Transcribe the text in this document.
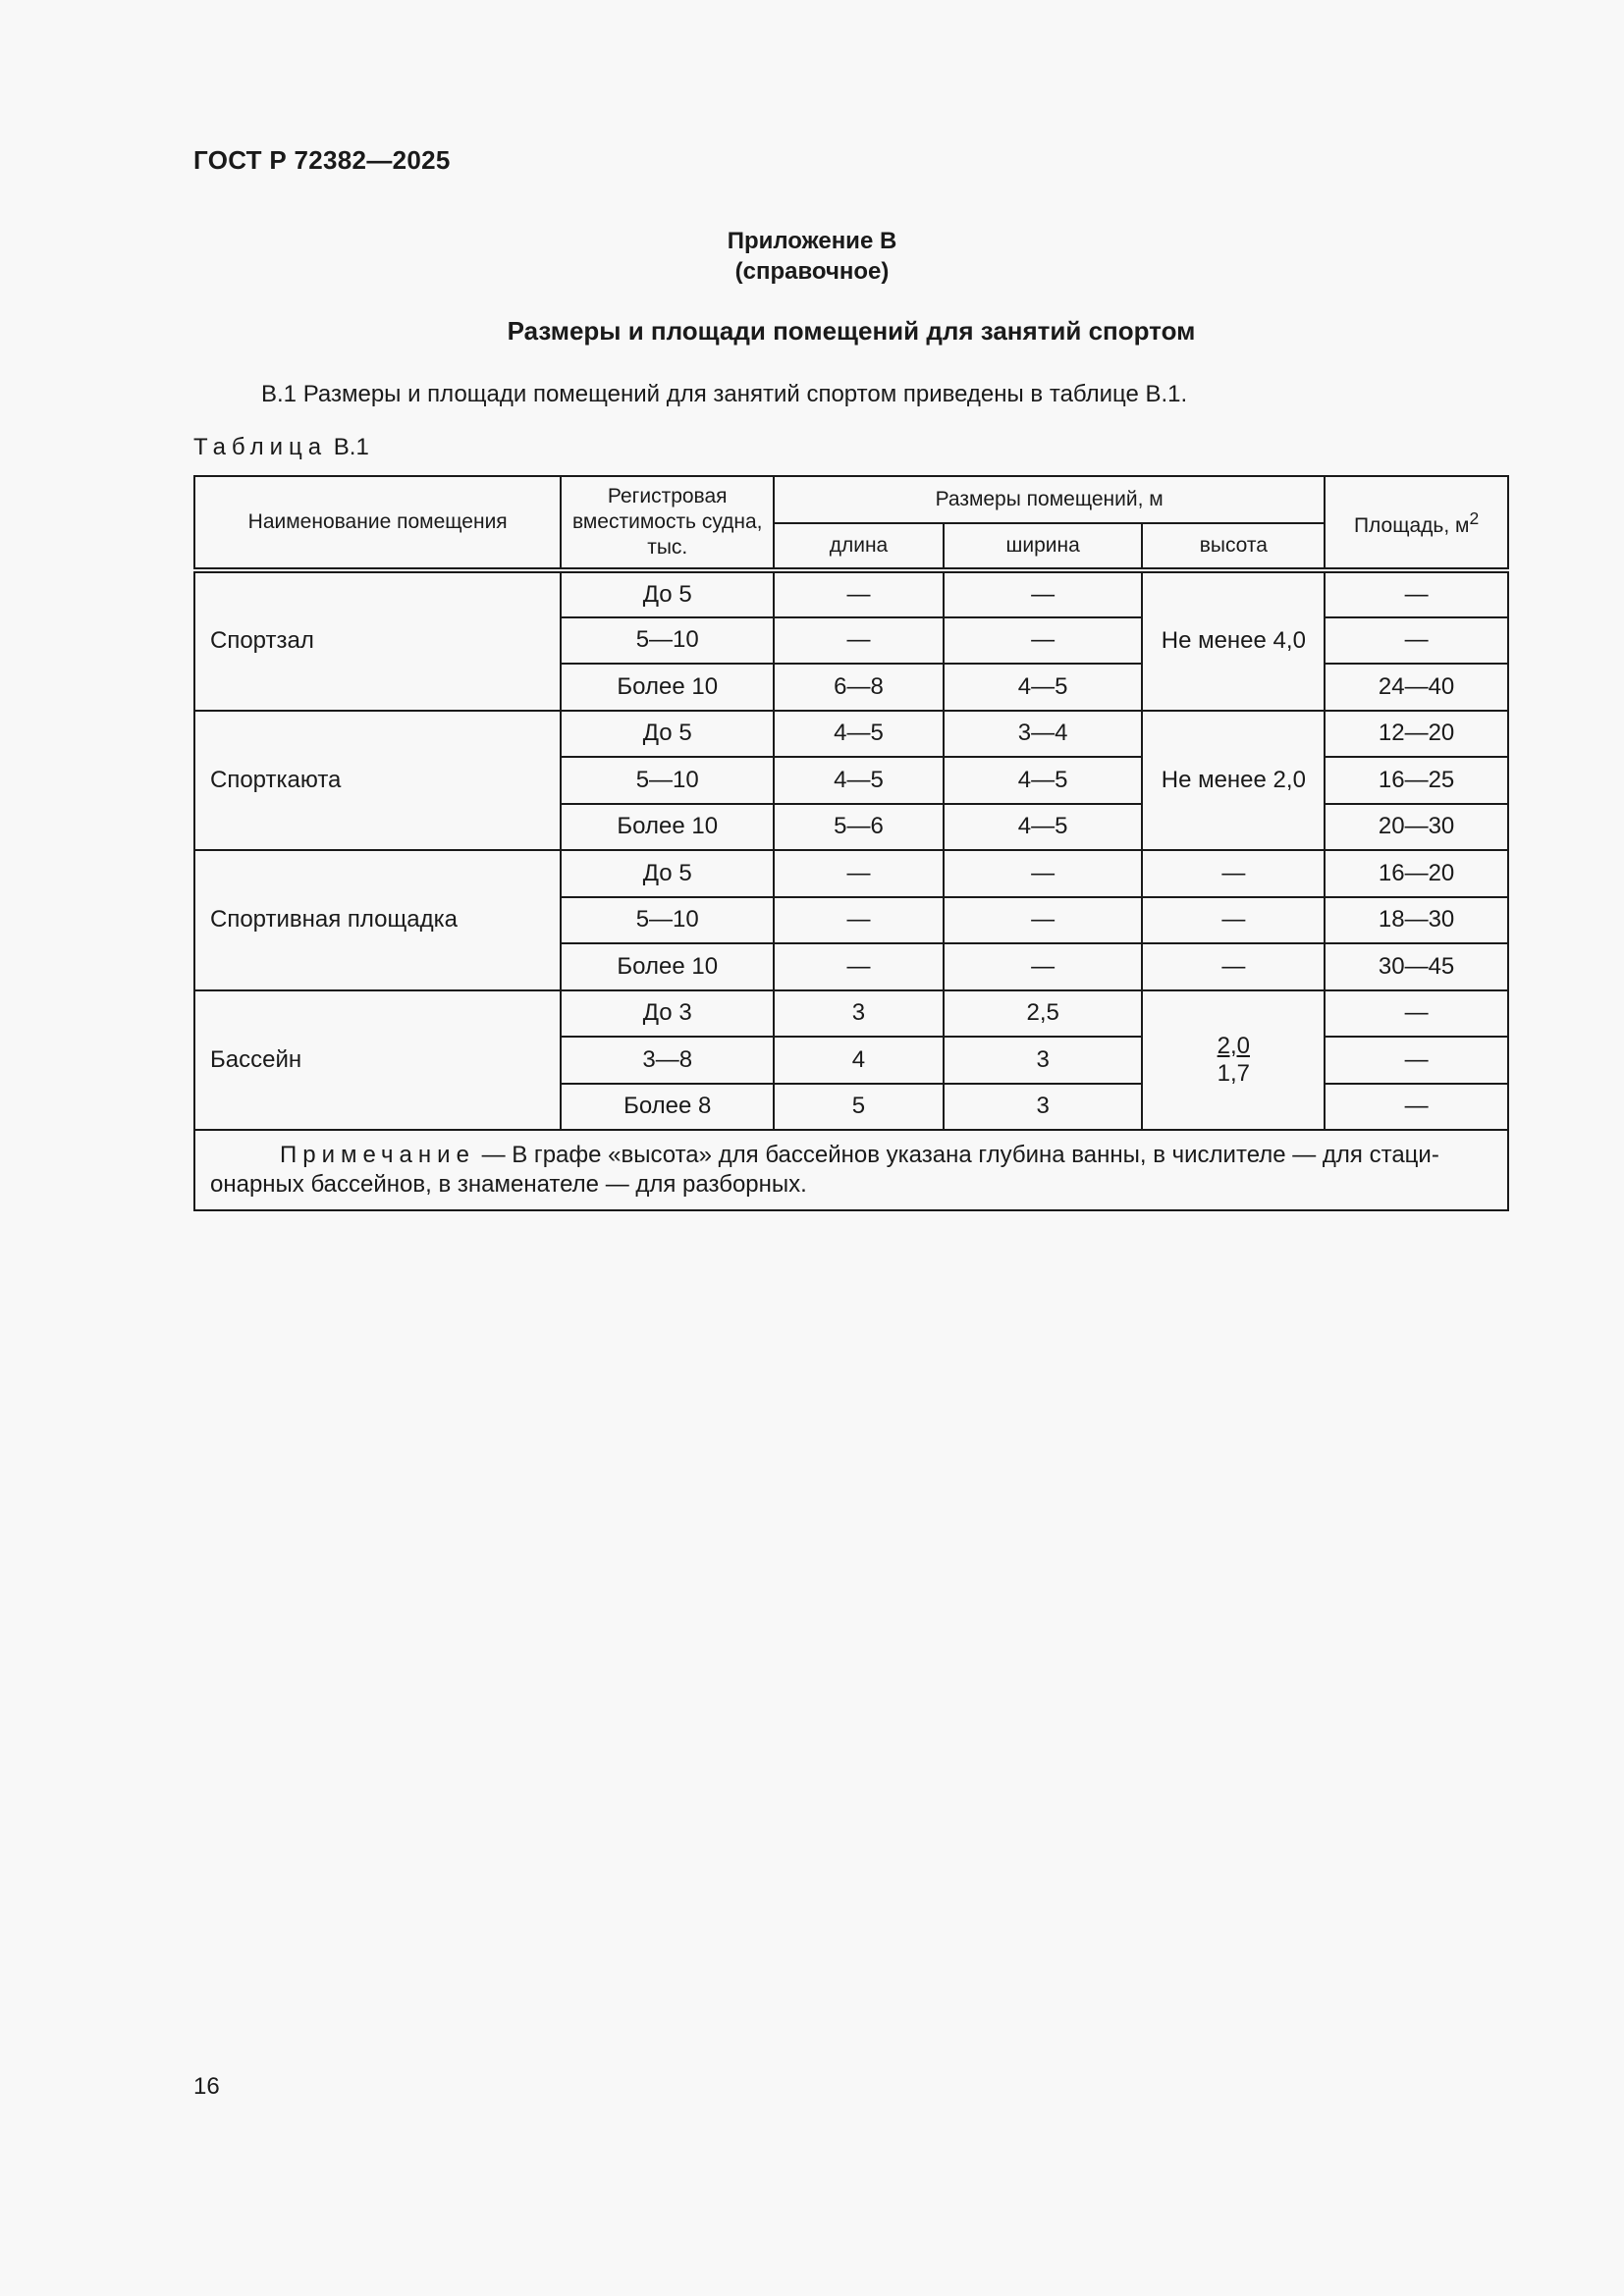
ГОСТ Р 72382—2025
Приложение В
(справочное)
Размеры и площади помещений для занятий спортом
В.1 Размеры и площади помещений для занятий спортом приведены в таблице В.1.
Таблица В.1
Наименование помещения	Регистровая вместимость судна, тыс.	Размеры помещений, м			Площадь, $м^2$
		длина	ширина	высота	
Спортзал	До 5	—	—	Не менее 4,0	—
	5—10	—	—		—
	Более 10	6—8	4—5		24—40
Спорткаюта	До 5	4—5	3—4	Не менее 2,0	12—20
	5—10	4—5	4—5		16—25
	Более 10	5—6	4—5		20—30
Спортивная площадка	До 5	—	—	—	16—20
	5—10	—	—	—	18—30
	Более 10	—	—	—	30—45
Бассейн	До 3	3	2,5	$\frac{2,0}{1,7}$	—
	3—8	4	3		—
	Более 8	5	3		—
Примечание — В графе «высота» для бассейнов указана глубина ванны, в числителе — для стаци-онарных бассейнов, в знаменателе — для разборных.					
16
